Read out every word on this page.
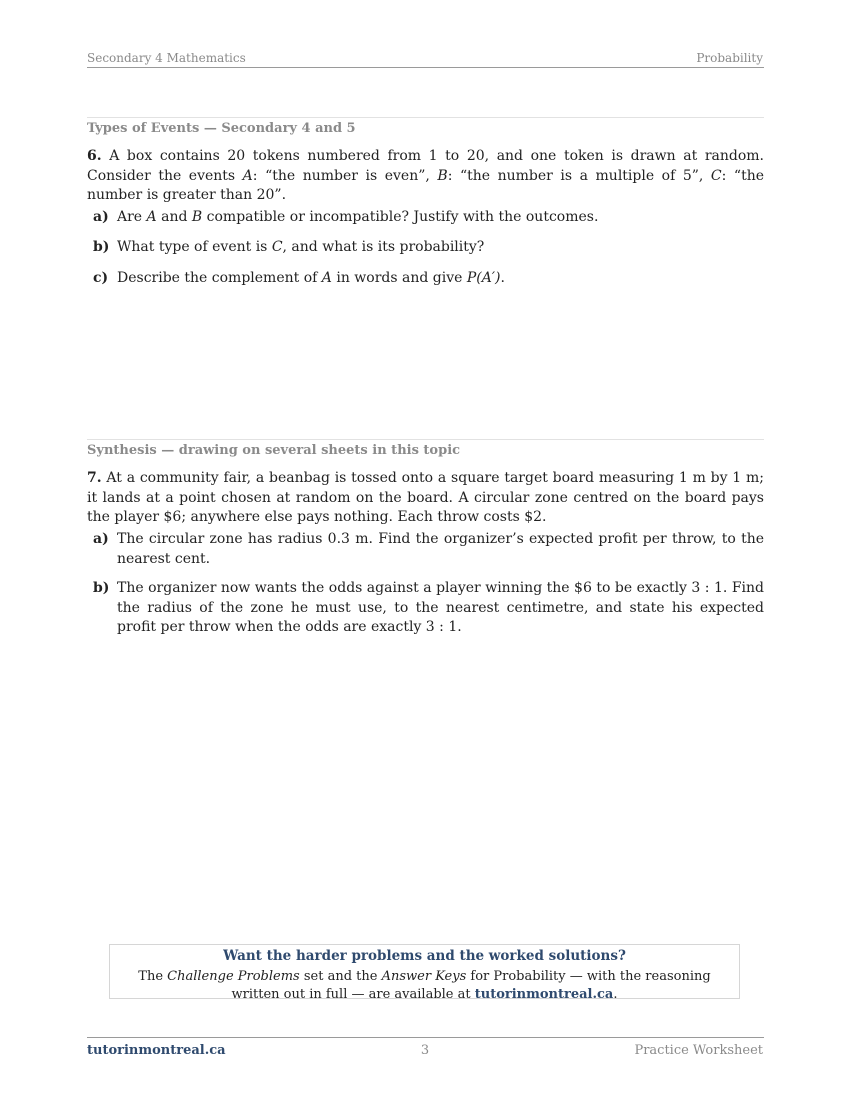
Secondary 4 Mathematics	Probability
Types of Events — Secondary 4 and 5
6. A box contains 20 tokens numbered from 1 to 20, and one token is drawn at random. Consider the events A: “the number is even”, B: “the number is a multiple of 5”, C: “the number is greater than 20”.
a) Are A and B compatible or incompatible? Justify with the outcomes.
b) What type of event is C, and what is its probability?
c) Describe the complement of A in words and give P(A′).
Synthesis — drawing on several sheets in this topic
7. At a community fair, a beanbag is tossed onto a square target board measuring 1 m by 1 m; it lands at a point chosen at random on the board. A circular zone centred on the board pays the player $6; anywhere else pays nothing. Each throw costs $2.
a) The circular zone has radius 0.3 m. Find the organizer’s expected profit per throw, to the nearest cent.
b) The organizer now wants the odds against a player winning the $6 to be exactly 3 : 1. Find the radius of the zone he must use, to the nearest centimetre, and state his expected profit per throw when the odds are exactly 3 : 1.
Want the harder problems and the worked solutions?
The Challenge Problems set and the Answer Keys for Probability — with the reasoning written out in full — are available at tutorinmontreal.ca.
tutorinmontreal.ca	3	Practice Worksheet
